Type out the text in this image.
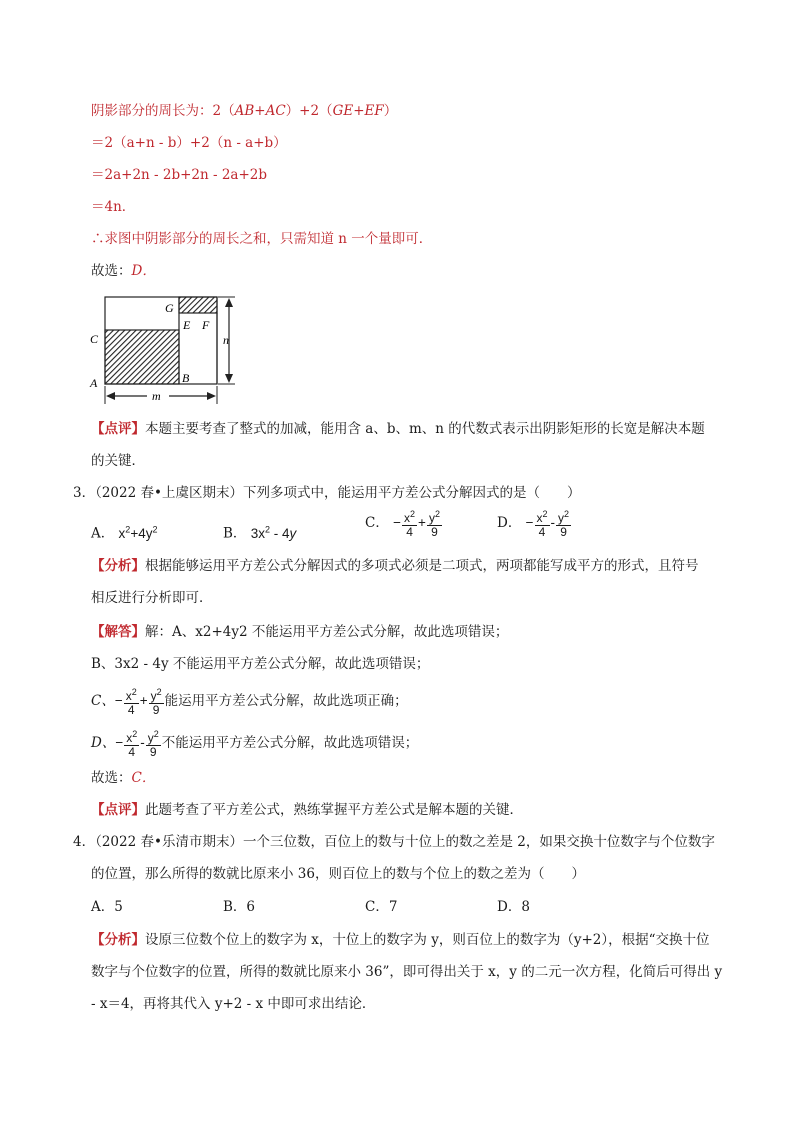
阴影部分的周长为：2（AB+AC）+2（GE+EF）
＝2（a+n - b）+2（n - a+b）
＝2a+2n - 2b+2n - 2a+2b
＝4n．
∴求图中阴影部分的周长之和，只需知道 n 一个量即可．
故选：D．
G
E F
C
A	B
n
m
【点评】本题主要考查了整式的加减，能用含 a、b、m、n 的代数式表示出阴影矩形的长宽是解决本题
的关键．
3．（2022 春•上虞区期末）下列多项式中，能运用平方差公式分解因式的是（　　）
A． $x^2+4y^2$	B． $3x^2 - 4y$
C． − $\frac{x^2}{4} + \frac{y^2}{9}$	D． − $\frac{x^2}{4} - \frac{y^2}{9}$
【分析】根据能够运用平方差公式分解因式的多项式必须是二项式，两项都能写成平方的形式，且符号
相反进行分析即可．
【解答】解：A、x2+4y2 不能运用平方差公式分解，故此选项错误；
B、3x2 - 4y 不能运用平方差公式分解，故此选项错误；
C、− $\frac{x^2}{4} + \frac{y^2}{9}$ 能运用平方差公式分解，故此选项正确；
D、− $\frac{x^2}{4} - \frac{y^2}{9}$ 不能运用平方差公式分解，故此选项错误；
故选：C．
【点评】此题考查了平方差公式，熟练掌握平方差公式是解本题的关键．
4．（2022 春•乐清市期末）一个三位数，百位上的数与十位上的数之差是 2，如果交换十位数字与个位数字
的位置，那么所得的数就比原来小 36，则百位上的数与个位上的数之差为（　　）
A．5	B．6	C．7	D．8
【分析】设原三位数个位上的数字为 x，十位上的数字为 y，则百位上的数字为（y+2），根据“交换十位
数字与个位数字的位置，所得的数就比原来小 36”，即可得出关于 x，y 的二元一次方程，化简后可得出 y
- x＝4，再将其代入 y+2 - x 中即可求出结论．
